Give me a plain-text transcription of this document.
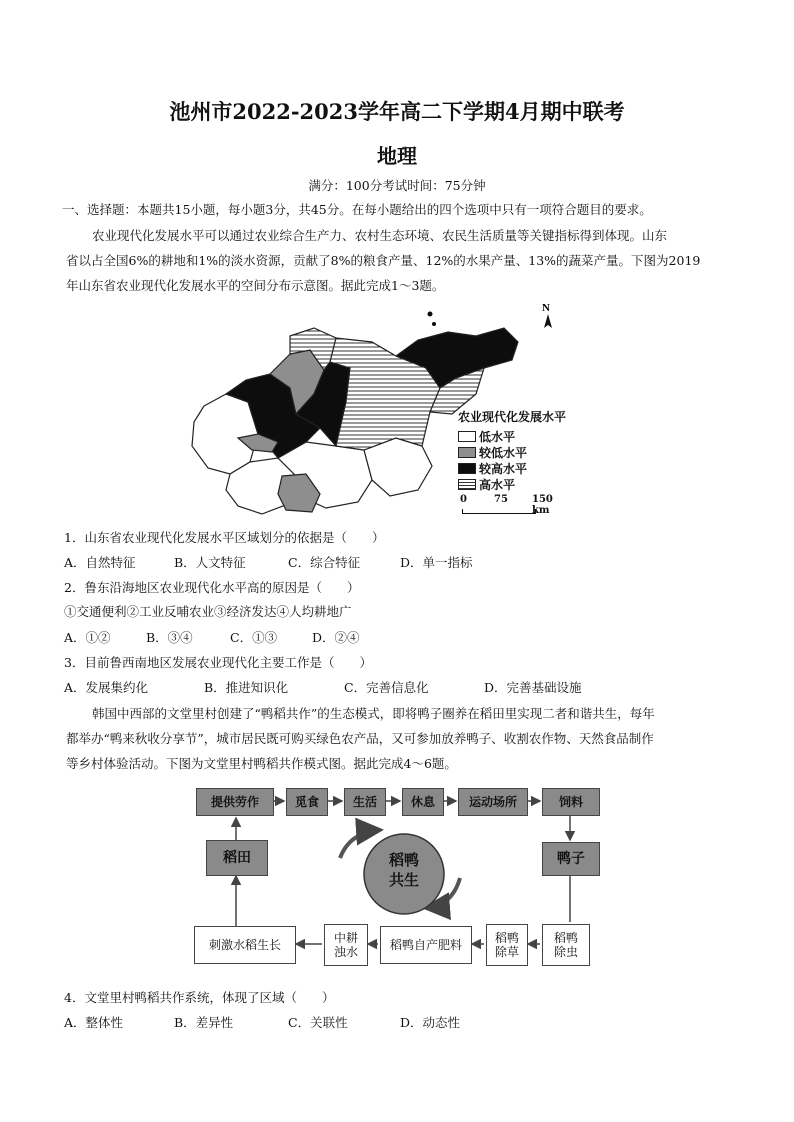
池州市2022-2023学年高二下学期4月期中联考
地理
满分：100分考试时间：75分钟
一、选择题：本题共15小题，每小题3分，共45分。在每小题给出的四个选项中只有一项符合题目的要求。
农业现代化发展水平可以通过农业综合生产力、农村生态环境、农民生活质量等关键指标得到体现。山东
省以占全国6%的耕地和1%的淡水资源，贡献了8%的粮食产量、12%的水果产量、13%的蔬菜产量。下图为2019
年山东省农业现代化发展水平的空间分布示意图。据此完成1～3题。
N
农业现代化发展水平
低水平
较低水平
较高水平
高水平
0	75 150 km
1．山东省农业现代化发展水平区域划分的依据是（　　）
A．自然特征	B．人文特征	C．综合特征	D．单一指标
2．鲁东沿海地区农业现代化水平高的原因是（　　）
①交通便利②工业反哺农业③经济发达④人均耕地广
A．①②	B．③④	C．①③	D．②④
3．目前鲁西南地区发展农业现代化主要工作是（　　）
A．发展集约化	B．推进知识化	C．完善信息化	D．完善基础设施
韩国中西部的文堂里村创建了“鸭稻共作”的生态模式，即将鸭子圈养在稻田里实现二者和谐共生，每年
都举办“鸭来秋收分享节”，城市居民既可购买绿色农产品，又可参加放养鸭子、收割农作物、天然食品制作
等乡村体验活动。下图为文堂里村鸭稻共作模式图。据此完成4～6题。
提供劳作	觅食	生活	休息	运动场所	饲料
稻田	鸭子
稻鸭
共生
刺激水稻生长	中耕
浊水	稻鸭自产肥料	稻鸭
除草
稻鸭
除虫
4．文堂里村鸭稻共作系统，体现了区域（　　）
A．整体性	B．差异性	C．关联性	D．动态性
